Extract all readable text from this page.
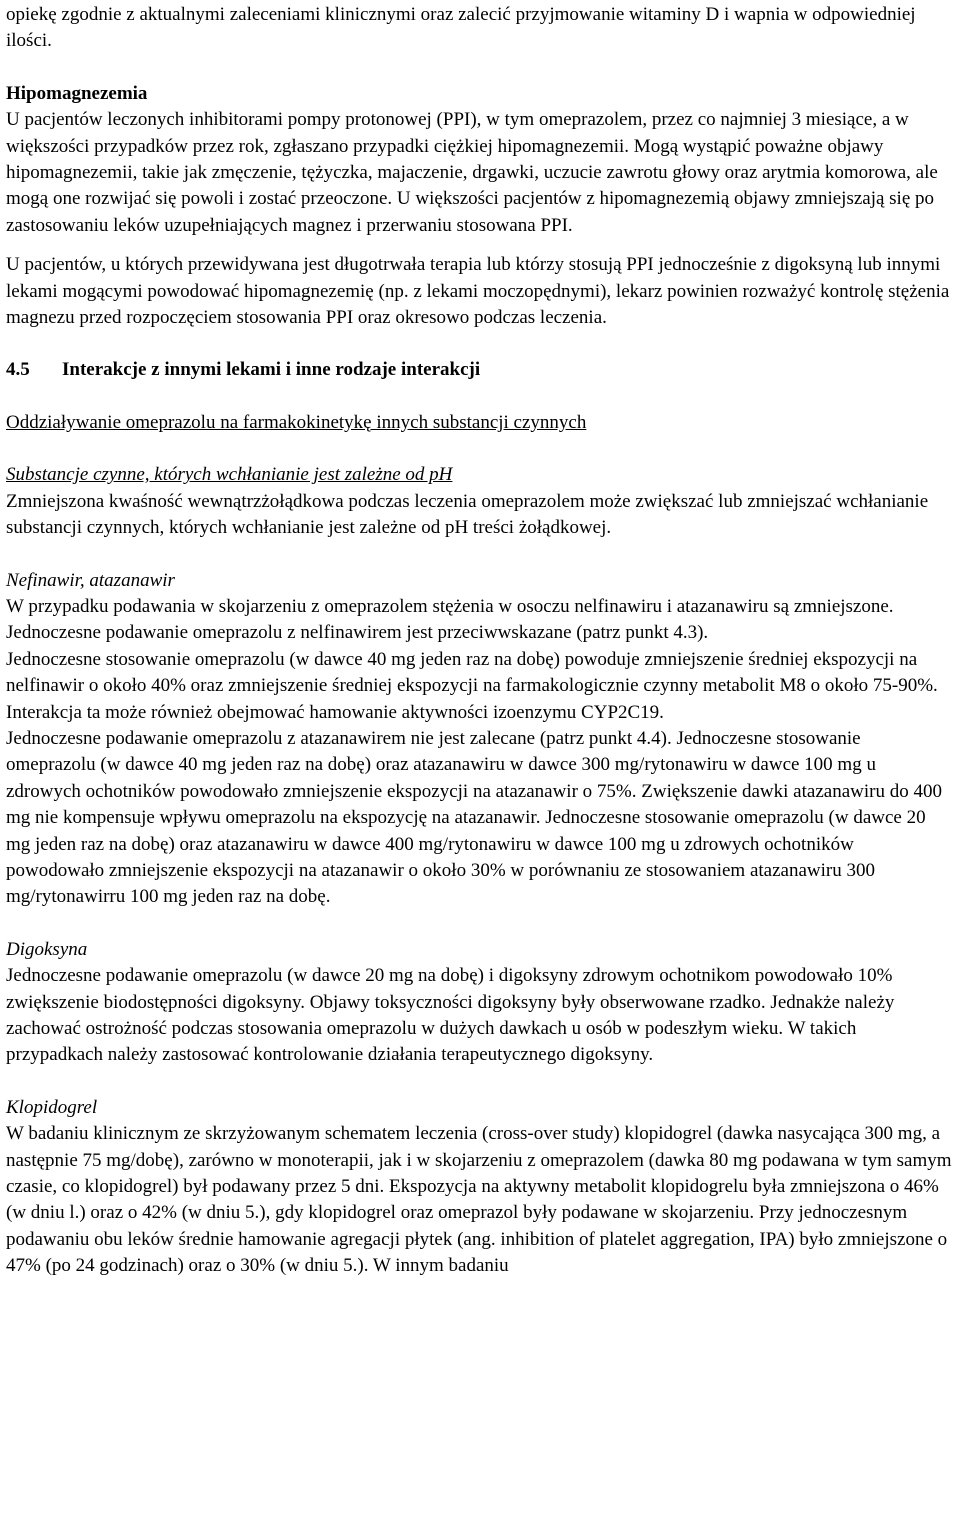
opiekę zgodnie z aktualnymi zaleceniami klinicznymi oraz zalecić przyjmowanie witaminy D i wapnia w odpowiedniej ilości.

Hipomagnezemia

U pacjentów leczonych inhibitorami pompy protonowej (PPI), w tym omeprazolem, przez co najmniej 3 miesiące, a w większości przypadków przez rok, zgłaszano przypadki ciężkiej hipomagnezemii. Mogą wystąpić poważne objawy hipomagnezemii, takie jak zmęczenie, tężyczka, majaczenie, drgawki, uczucie zawrotu głowy oraz arytmia komorowa, ale mogą one rozwijać się powoli i zostać przeoczone. U większości pacjentów z hipomagnezemią objawy zmniejszają się po zastosowaniu leków uzupełniających magnez i przerwaniu stosowana PPI.

U pacjentów, u których przewidywana jest długotrwała terapia lub którzy stosują PPI jednocześnie z digoksyną lub innymi lekami mogącymi powodować hipomagnezemię (np. z lekami moczopędnymi), lekarz powinien rozważyć kontrolę stężenia magnezu przed rozpoczęciem stosowania PPI oraz okresowo podczas leczenia.

4.5	Interakcje z innymi lekami i inne rodzaje interakcji

Oddziaływanie omeprazolu na farmakokinetykę innych substancji czynnych

Substancje czynne, których wchłanianie jest zależne od pH

Zmniejszona kwaśność wewnątrzżołądkowa podczas leczenia omeprazolem może zwiększać lub zmniejszać wchłanianie substancji czynnych, których wchłanianie jest zależne od pH treści żołądkowej.

Nefinawir, atazanawir

W przypadku podawania w skojarzeniu z omeprazolem stężenia w osoczu nelfinawiru i atazanawiru są zmniejszone.

Jednoczesne podawanie omeprazolu z nelfinawirem jest przeciwwskazane (patrz punkt 4.3).

Jednoczesne stosowanie omeprazolu (w dawce 40 mg jeden raz na dobę) powoduje zmniejszenie średniej ekspozycji na nelfinawir o około 40% oraz zmniejszenie średniej ekspozycji na farmakologicznie czynny metabolit M8 o około 75-90%. Interakcja ta może również obejmować hamowanie aktywności izoenzymu CYP2C19.

Jednoczesne podawanie omeprazolu z atazanawirem nie jest zalecane (patrz punkt 4.4). Jednoczesne stosowanie omeprazolu (w dawce 40 mg jeden raz na dobę) oraz atazanawiru w dawce 300 mg/rytonawiru w dawce 100 mg u zdrowych ochotników powodowało zmniejszenie ekspozycji na atazanawir o 75%. Zwiększenie dawki atazanawiru do 400 mg nie kompensuje wpływu omeprazolu na ekspozycję na atazanawir. Jednoczesne stosowanie omeprazolu (w dawce 20 mg jeden raz na dobę) oraz atazanawiru w dawce 400 mg/rytonawiru w dawce 100 mg u zdrowych ochotników powodowało zmniejszenie ekspozycji na atazanawir o około 30% w porównaniu ze stosowaniem atazanawiru 300 mg/rytonawirru 100 mg jeden raz na dobę.

Digoksyna

Jednoczesne podawanie omeprazolu (w dawce 20 mg na dobę) i digoksyny zdrowym ochotnikom powodowało 10% zwiększenie biodostępności digoksyny. Objawy toksyczności digoksyny były obserwowane rzadko. Jednakże należy zachować ostrożność podczas stosowania omeprazolu w dużych dawkach u osób w podeszłym wieku. W takich przypadkach należy zastosować kontrolowanie działania terapeutycznego digoksyny.

Klopidogrel

W badaniu klinicznym ze skrzyżowanym schematem leczenia (cross-over study) klopidogrel (dawka nasycająca 300 mg, a następnie 75 mg/dobę), zarówno w monoterapii, jak i w skojarzeniu z omeprazolem (dawka 80 mg podawana w tym samym czasie, co klopidogrel) był podawany przez 5 dni. Ekspozycja na aktywny metabolit klopidogrelu była zmniejszona o 46% (w dniu l.) oraz o 42% (w dniu 5.), gdy klopidogrel oraz omeprazol były podawane w skojarzeniu. Przy jednoczesnym podawaniu obu leków średnie hamowanie agregacji płytek (ang. inhibition of platelet aggregation, IPA) było zmniejszone o 47% (po 24 godzinach) oraz o 30% (w dniu 5.). W innym badaniu
